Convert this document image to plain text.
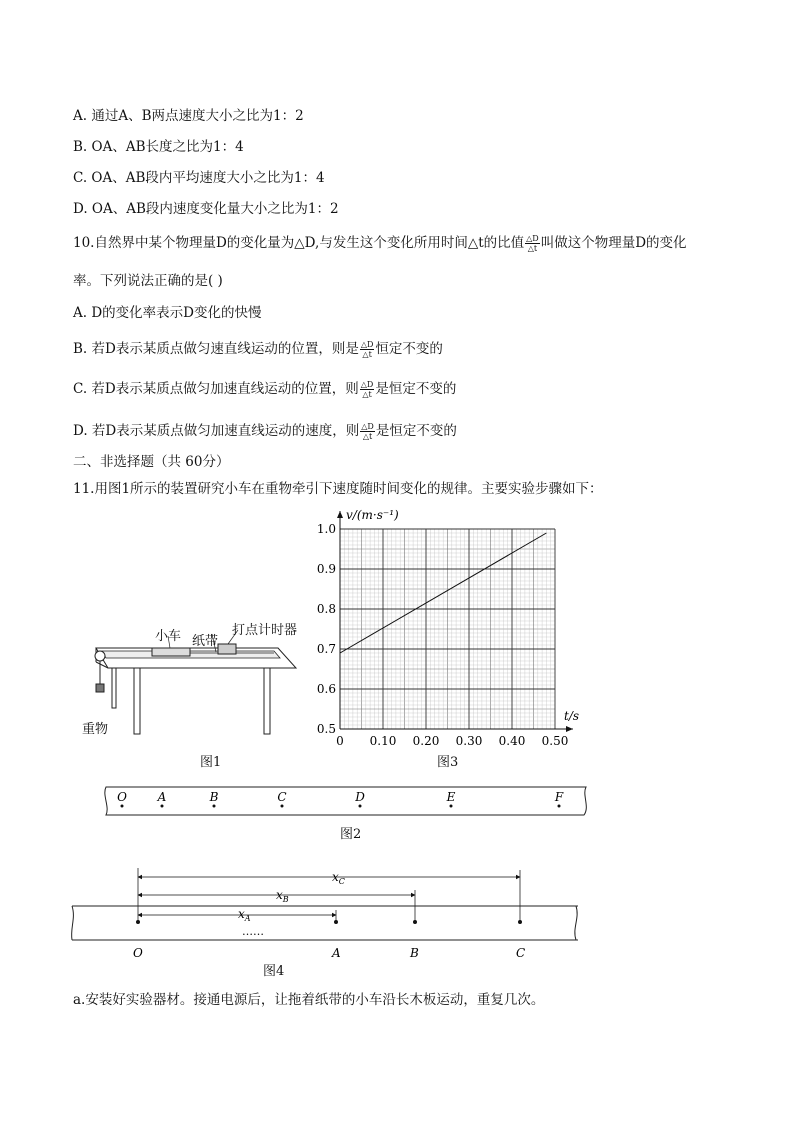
A. 通过A、B两点速度大小之比为1：2
B. OA、AB长度之比为1：4
C. OA、AB段内平均速度大小之比为1：4
D. OA、AB段内速度变化量大小之比为1：2
10.自然界中某个物理量D的变化量为△D,与发生这个变化所用时间△t的比值 $\frac{\triangle D}{\triangle t}$ 叫做这个物理量D的变化
率。下列说法正确的是( )
A. D的变化率表示D变化的快慢
B. 若D表示某质点做匀速直线运动的位置，则是 $\frac{\triangle D}{\triangle t}$ 恒定不变的
C. 若D表示某质点做匀加速直线运动的位置，则 $\frac{\triangle D}{\triangle t}$ 是恒定不变的
D. 若D表示某质点做匀加速直线运动的速度，则 $\frac{\triangle D}{\triangle t}$ 是恒定不变的
二、非选择题（共 60分）
11.用图1所示的装置研究小车在重物牵引下速度随时间变化的规律。主要实验步骤如下：
小车 纸带
打点计时器
重物
图1
0 0.10 0.20 0.30 0.40 0.50
0.5
0.6
0.7
0.8
0.9
1.0
v/(m·s⁻¹)
t/s
图3
O	A	B	C	D	E	F
图2
$x_C$
$x_B$
$x_A$
……
O	A	B	C
图4
a.安装好实验器材。接通电源后，让拖着纸带的小车沿长木板运动，重复几次。
